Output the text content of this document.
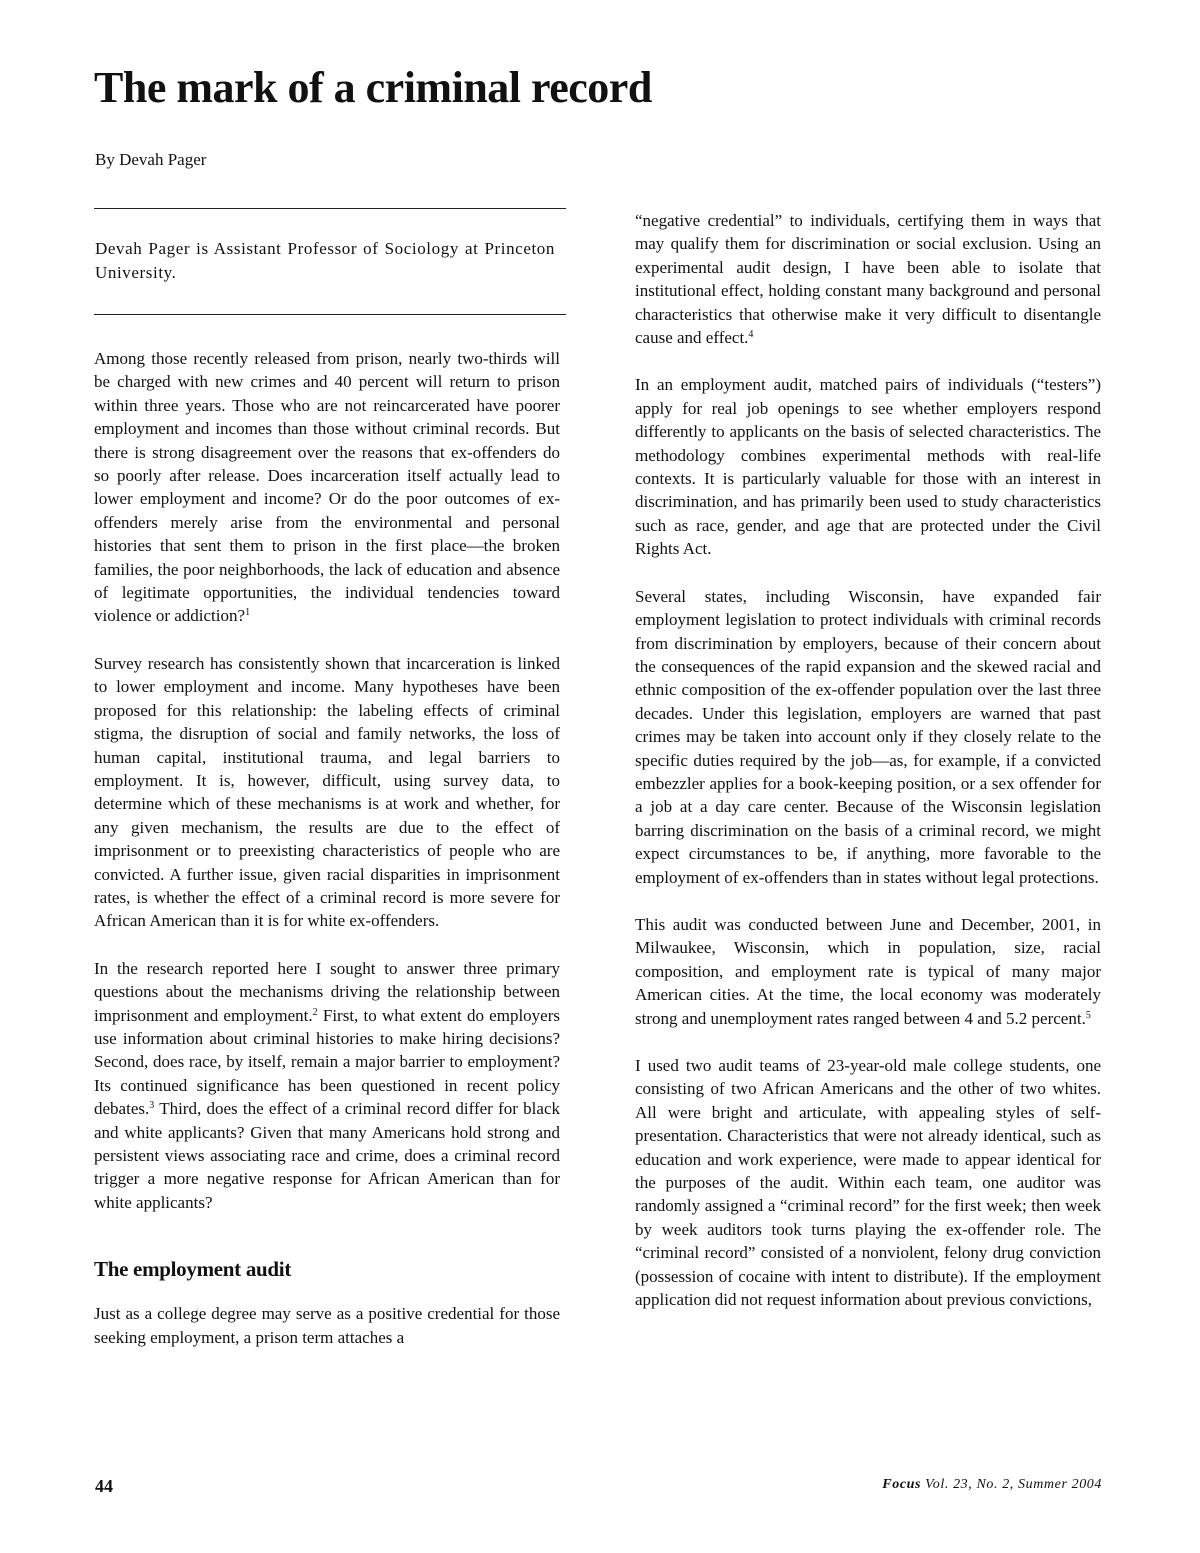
The mark of a criminal record
By Devah Pager
Devah Pager is Assistant Professor of Sociology at Princeton University.

Among those recently released from prison, nearly two-thirds will be charged with new crimes and 40 percent will return to prison within three years. Those who are not reincarcerated have poorer employment and incomes than those without criminal records. But there is strong disagreement over the reasons that ex-offenders do so poorly after release. Does incarceration itself actually lead to lower employment and income? Or do the poor outcomes of ex-offenders merely arise from the environmental and personal histories that sent them to prison in the first place—the broken families, the poor neighborhoods, the lack of education and absence of legitimate opportunities, the individual tendencies toward violence or addiction?$^1$

Survey research has consistently shown that incarceration is linked to lower employment and income. Many hypotheses have been proposed for this relationship: the labeling effects of criminal stigma, the disruption of social and family networks, the loss of human capital, institutional trauma, and legal barriers to employment. It is, however, difficult, using survey data, to determine which of these mechanisms is at work and whether, for any given mechanism, the results are due to the effect of imprisonment or to preexisting characteristics of people who are convicted. A further issue, given racial disparities in imprisonment rates, is whether the effect of a criminal record is more severe for African American than it is for white ex-offenders.

In the research reported here I sought to answer three primary questions about the mechanisms driving the relationship between imprisonment and employment.$^2$ First, to what extent do employers use information about criminal histories to make hiring decisions? Second, does race, by itself, remain a major barrier to employment? Its continued significance has been questioned in recent policy debates.$^3$ Third, does the effect of a criminal record differ for black and white applicants? Given that many Americans hold strong and persistent views associating race and crime, does a criminal record trigger a more negative response for African American than for white applicants?

The employment audit

Just as a college degree may serve as a positive credential for those seeking employment, a prison term attaches a

“negative credential” to individuals, certifying them in ways that may qualify them for discrimination or social exclusion. Using an experimental audit design, I have been able to isolate that institutional effect, holding constant many background and personal characteristics that otherwise make it very difficult to disentangle cause and effect.$^4$

In an employment audit, matched pairs of individuals (“testers”) apply for real job openings to see whether employers respond differently to applicants on the basis of selected characteristics. The methodology combines experimental methods with real-life contexts. It is particularly valuable for those with an interest in discrimination, and has primarily been used to study characteristics such as race, gender, and age that are protected under the Civil Rights Act.

Several states, including Wisconsin, have expanded fair employment legislation to protect individuals with criminal records from discrimination by employers, because of their concern about the consequences of the rapid expansion and the skewed racial and ethnic composition of the ex-offender population over the last three decades. Under this legislation, employers are warned that past crimes may be taken into account only if they closely relate to the specific duties required by the job—as, for example, if a convicted embezzler applies for a book-keeping position, or a sex offender for a job at a day care center. Because of the Wisconsin legislation barring discrimination on the basis of a criminal record, we might expect circumstances to be, if anything, more favorable to the employment of ex-offenders than in states without legal protections.

This audit was conducted between June and December, 2001, in Milwaukee, Wisconsin, which in population, size, racial composition, and employment rate is typical of many major American cities. At the time, the local economy was moderately strong and unemployment rates ranged between 4 and 5.2 percent.$^5$

I used two audit teams of 23-year-old male college students, one consisting of two African Americans and the other of two whites. All were bright and articulate, with appealing styles of self-presentation. Characteristics that were not already identical, such as education and work experience, were made to appear identical for the purposes of the audit. Within each team, one auditor was randomly assigned a “criminal record” for the first week; then week by week auditors took turns playing the ex-offender role. The “criminal record” consisted of a nonviolent, felony drug conviction (possession of cocaine with intent to distribute). If the employment application did not request information about previous convictions,

44	Focus Vol. 23, No. 2, Summer 2004
